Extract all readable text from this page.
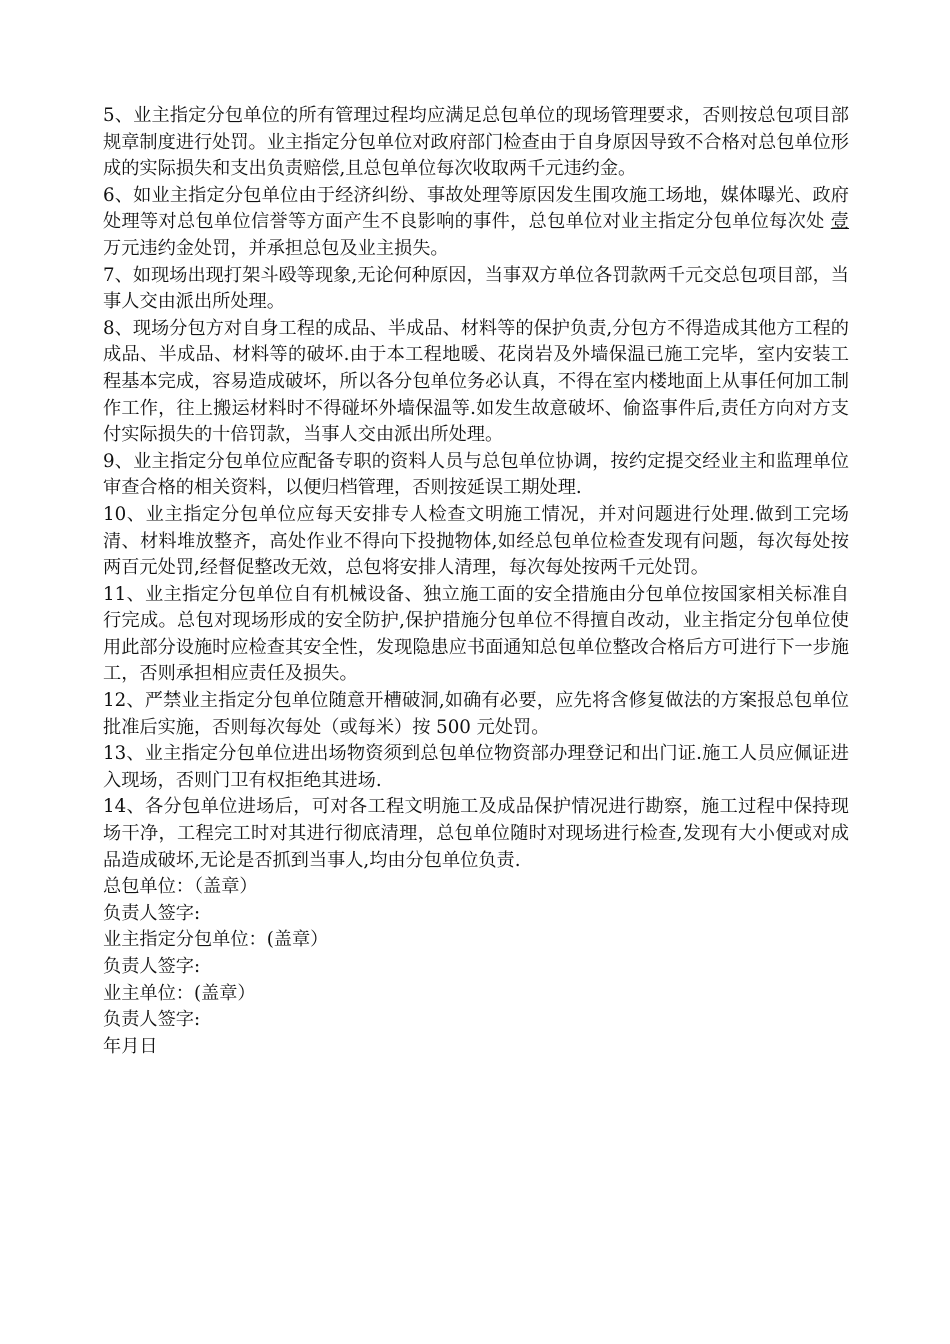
5、业主指定分包单位的所有管理过程均应满足总包单位的现场管理要求，否则按总包项目部规章制度进行处罚。业主指定分包单位对政府部门检查由于自身原因导致不合格对总包单位形成的实际损失和支出负责赔偿,且总包单位每次收取两千元违约金。

6、如业主指定分包单位由于经济纠纷、事故处理等原因发生围攻施工场地，媒体曝光、政府处理等对总包单位信誉等方面产生不良影响的事件，总包单位对业主指定分包单位每次处 壹万元违约金处罚，并承担总包及业主损失。

7、如现场出现打架斗殴等现象,无论何种原因，当事双方单位各罚款两千元交总包项目部，当事人交由派出所处理。

8、现场分包方对自身工程的成品、半成品、材料等的保护负责,分包方不得造成其他方工程的成品、半成品、材料等的破坏.由于本工程地暖、花岗岩及外墙保温已施工完毕，室内安装工程基本完成，容易造成破坏，所以各分包单位务必认真，不得在室内楼地面上从事任何加工制作工作，往上搬运材料时不得碰坏外墙保温等.如发生故意破坏、偷盗事件后,责任方向对方支付实际损失的十倍罚款，当事人交由派出所处理。

9、业主指定分包单位应配备专职的资料人员与总包单位协调，按约定提交经业主和监理单位审查合格的相关资料，以便归档管理，否则按延误工期处理.

10、业主指定分包单位应每天安排专人检查文明施工情况，并对问题进行处理.做到工完场清、材料堆放整齐，高处作业不得向下投抛物体,如经总包单位检查发现有问题，每次每处按两百元处罚,经督促整改无效，总包将安排人清理，每次每处按两千元处罚。

11、业主指定分包单位自有机械设备、独立施工面的安全措施由分包单位按国家相关标准自行完成。总包对现场形成的安全防护,保护措施分包单位不得擅自改动，业主指定分包单位使用此部分设施时应检查其安全性，发现隐患应书面通知总包单位整改合格后方可进行下一步施工，否则承担相应责任及损失。

12、严禁业主指定分包单位随意开槽破洞,如确有必要，应先将含修复做法的方案报总包单位批准后实施，否则每次每处（或每米）按 500 元处罚。

13、业主指定分包单位进出场物资须到总包单位物资部办理登记和出门证.施工人员应佩证进入现场，否则门卫有权拒绝其进场.

14、各分包单位进场后，可对各工程文明施工及成品保护情况进行勘察，施工过程中保持现场干净，工程完工时对其进行彻底清理，总包单位随时对现场进行检查,发现有大小便或对成品造成破坏,无论是否抓到当事人,均由分包单位负责.

总包单位：（盖章）

负责人签字:

业主指定分包单位：(盖章）

负责人签字:

业主单位：(盖章）

负责人签字:

年月日
